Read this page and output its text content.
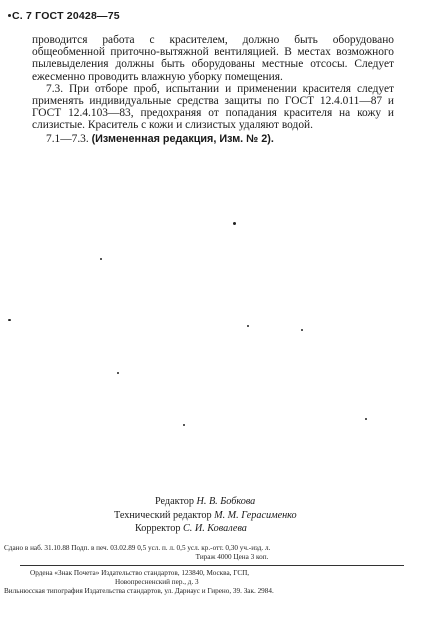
С. 7 ГОСТ 20428—75

проводится работа с красителем, должно быть оборудовано общеобменной приточно-вытяжной вентиляцией. В местах возможного пылевыделения должны быть оборудованы местные отсосы. Следует ежесменно проводить влажную уборку помещения.

7.3. При отборе проб, испытании и применении красителя следует применять индивидуальные средства защиты по ГОСТ 12.4.011—87 и ГОСТ 12.4.103—83, предохраняя от попадания красителя на кожу и слизистые. Краситель с кожи и слизистых удаляют водой.

7.1—7.3. (Измененная редакция, Изм. № 2).

Редактор Н. В. Бобкова
Технический редактор М. М. Герасименко
Корректор С. И. Ковалева
Сдано в наб. 31.10.88 Подп. в печ. 03.02.89 0,5 усл. п. л. 0,5 усл. кр.-отт. 0,30 уч.-изд. л.
Тираж 4000 Цена 3 коп.
Ордена «Знак Почета» Издательство стандартов, 123840, Москва, ГСП,
Новопресненский пер., д. 3
Вильнюсская типография Издательства стандартов, ул. Дариаус и Гирено, 39. Зак. 2984.
